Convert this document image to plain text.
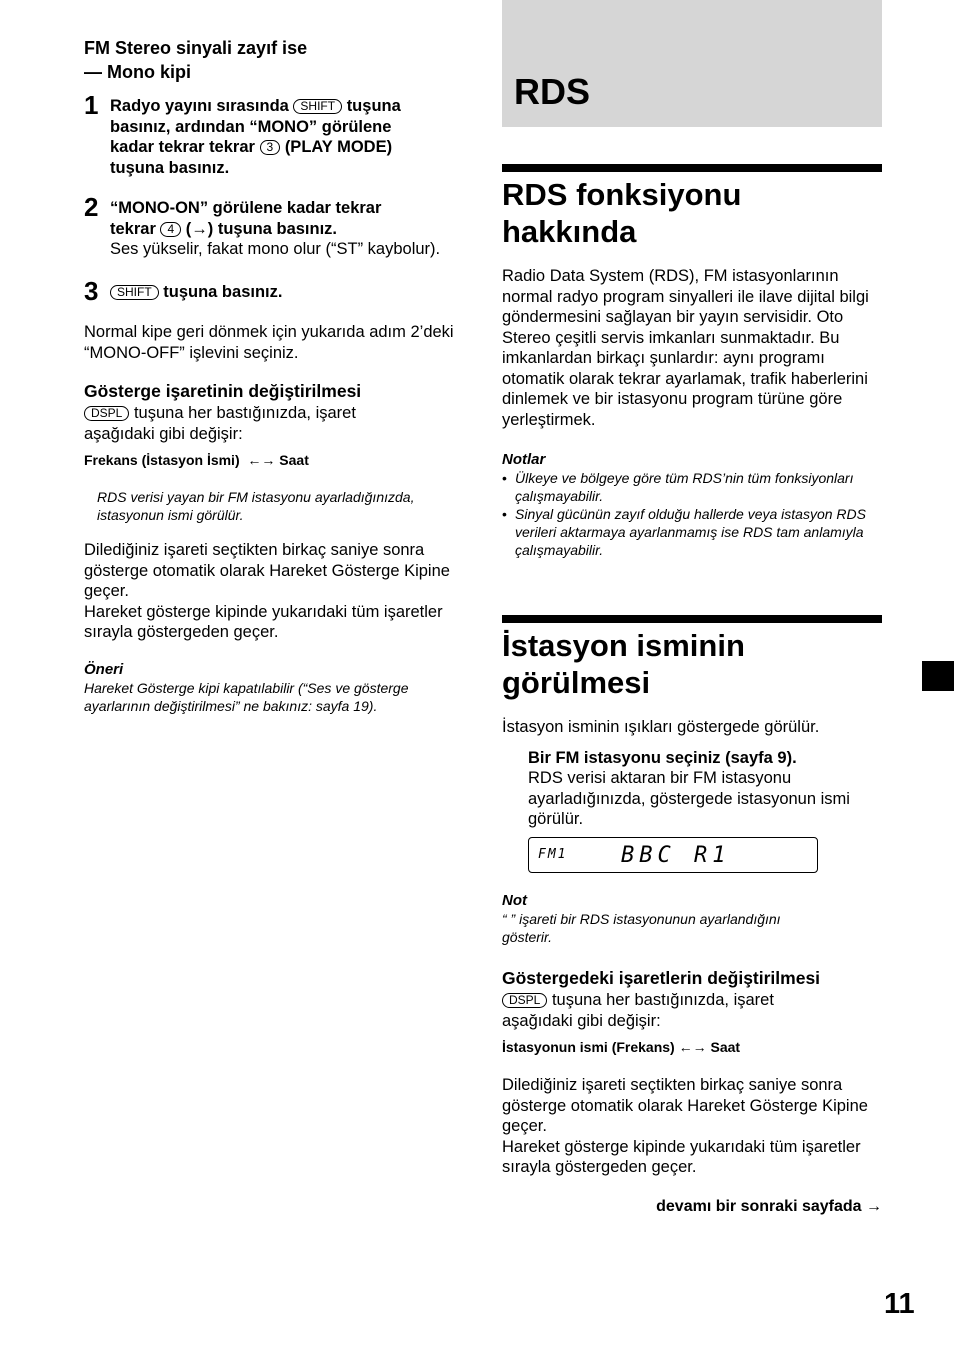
FM Stereo sinyali zayıf ise
— Mono kipi
1 Radyo yayını sırasında SHIFT tuşuna
basınız, ardından “MONO” görülene
kadar tekrar tekrar 3 (PLAY MODE)
tuşuna basınız.
2 “MONO-ON” görülene kadar tekrar
tekrar 4 (→) tuşuna basınız.
Ses yükselir, fakat mono olur (“ST” kaybolur).
3 SHIFT tuşuna basınız.
Normal kipe geri dönmek için yukarıda adım 2’deki “MONO-OFF” işlevini seçiniz.
Gösterge işaretinin değiştirilmesi
DSPL tuşuna her bastığınızda, işaret
aşağıdaki gibi değişir:
Frekans (İstasyon İsmi) ←→ Saat
RDS verisi yayan bir FM istasyonu ayarladığınızda,
istasyonun ismi görülür.
Dilediğiniz işareti seçtikten birkaç saniye sonra gösterge otomatik olarak Hareket Gösterge Kipine geçer.
Hareket gösterge kipinde yukarıdaki tüm işaretler sırayla göstergeden geçer.
Öneri
Hareket Gösterge kipi kapatılabilir (“Ses ve gösterge ayarlarının değiştirilmesi” ne bakınız: sayfa 19).
RDS
RDS fonksiyonu
hakkında
Radio Data System (RDS), FM istasyonlarının normal radyo program sinyalleri ile ilave dijital bilgi göndermesini sağlayan bir yayın servisidir. Oto Stereo çeşitli servis imkanları sunmaktadır. Bu imkanlardan birkaçı şunlardır: aynı programı otomatik olarak tekrar ayarlamak, trafik haberlerini dinlemek ve bir istasyonu program türüne göre yerleştirmek.
Notlar
• Ülkeye ve bölgeye göre tüm RDS’nin tüm fonksiyonları çalışmayabilir.
• Sinyal gücünün zayıf olduğu hallerde veya istasyon RDS verileri aktarmaya ayarlanmamış ise RDS tam anlamıyla çalışmayabilir.
İstasyon isminin
görülmesi
İstasyon isminin ışıkları göstergede görülür.
Bir FM istasyonu seçiniz (sayfa 9).
RDS verisi aktaran bir FM istasyonu ayarladığınızda, göstergede istasyonun ismi görülür.
FM1 BBC R1
Not
“ ” işareti bir RDS istasyonunun ayarlandığını
gösterir.
Göstergedeki işaretlerin değiştirilmesi
DSPL tuşuna her bastığınızda, işaret
aşağıdaki gibi değişir:
İstasyonun ismi (Frekans) ←→ Saat
Dilediğiniz işareti seçtikten birkaç saniye sonra gösterge otomatik olarak Hareket Gösterge Kipine geçer.
Hareket gösterge kipinde yukarıdaki tüm işaretler sırayla göstergeden geçer.
devamı bir sonraki sayfada →
11
